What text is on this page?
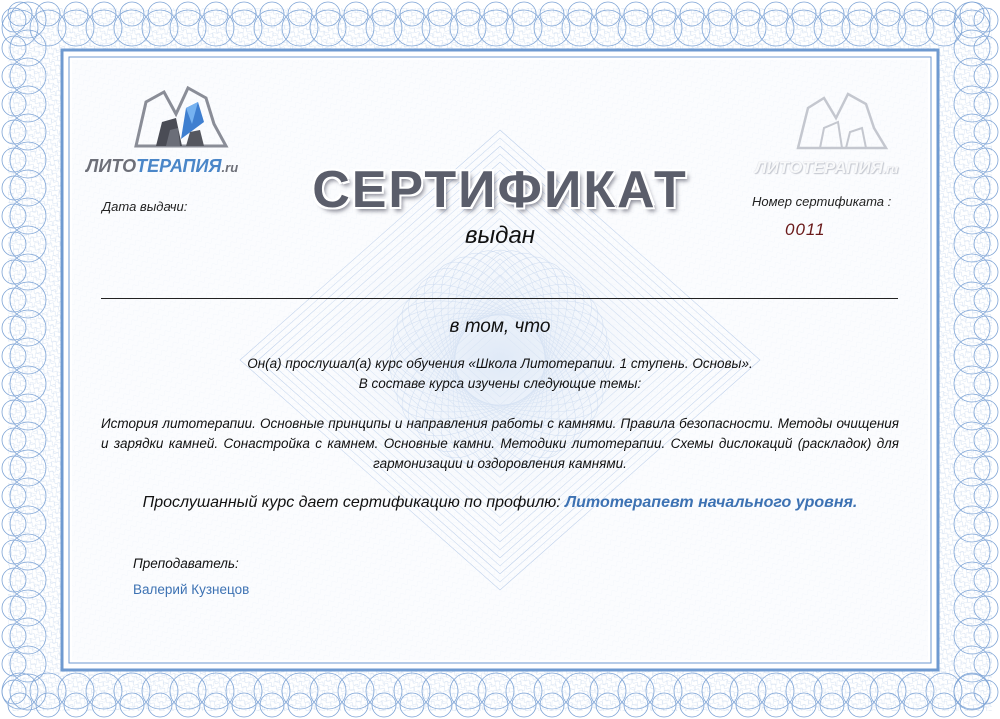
ЛИТОТЕРАПИЯ.ru	ЛИТОТЕРАПИЯ.ru
Дата выдачи:	Номер сертификата :
0011
СЕРТИФИКАТ
выдан
в том, что
Он(а) прослушал(а) курс обучения «Школа Литотерапии. 1 ступень. Основы».
В составе курса изучены следующие темы:
История литотерапии. Основные принципы и направления работы с камнями. Правила безопасности. Методы очищения и зарядки камней. Сонастройка с камнем. Основные камни. Методики литотерапии. Схемы дислокаций (раскладок) для гармонизации и оздоровления камнями.
Прослушанный курс дает сертификацию по профилю: Литотерапевт начального уровня.
Преподаватель:
Валерий Кузнецов
